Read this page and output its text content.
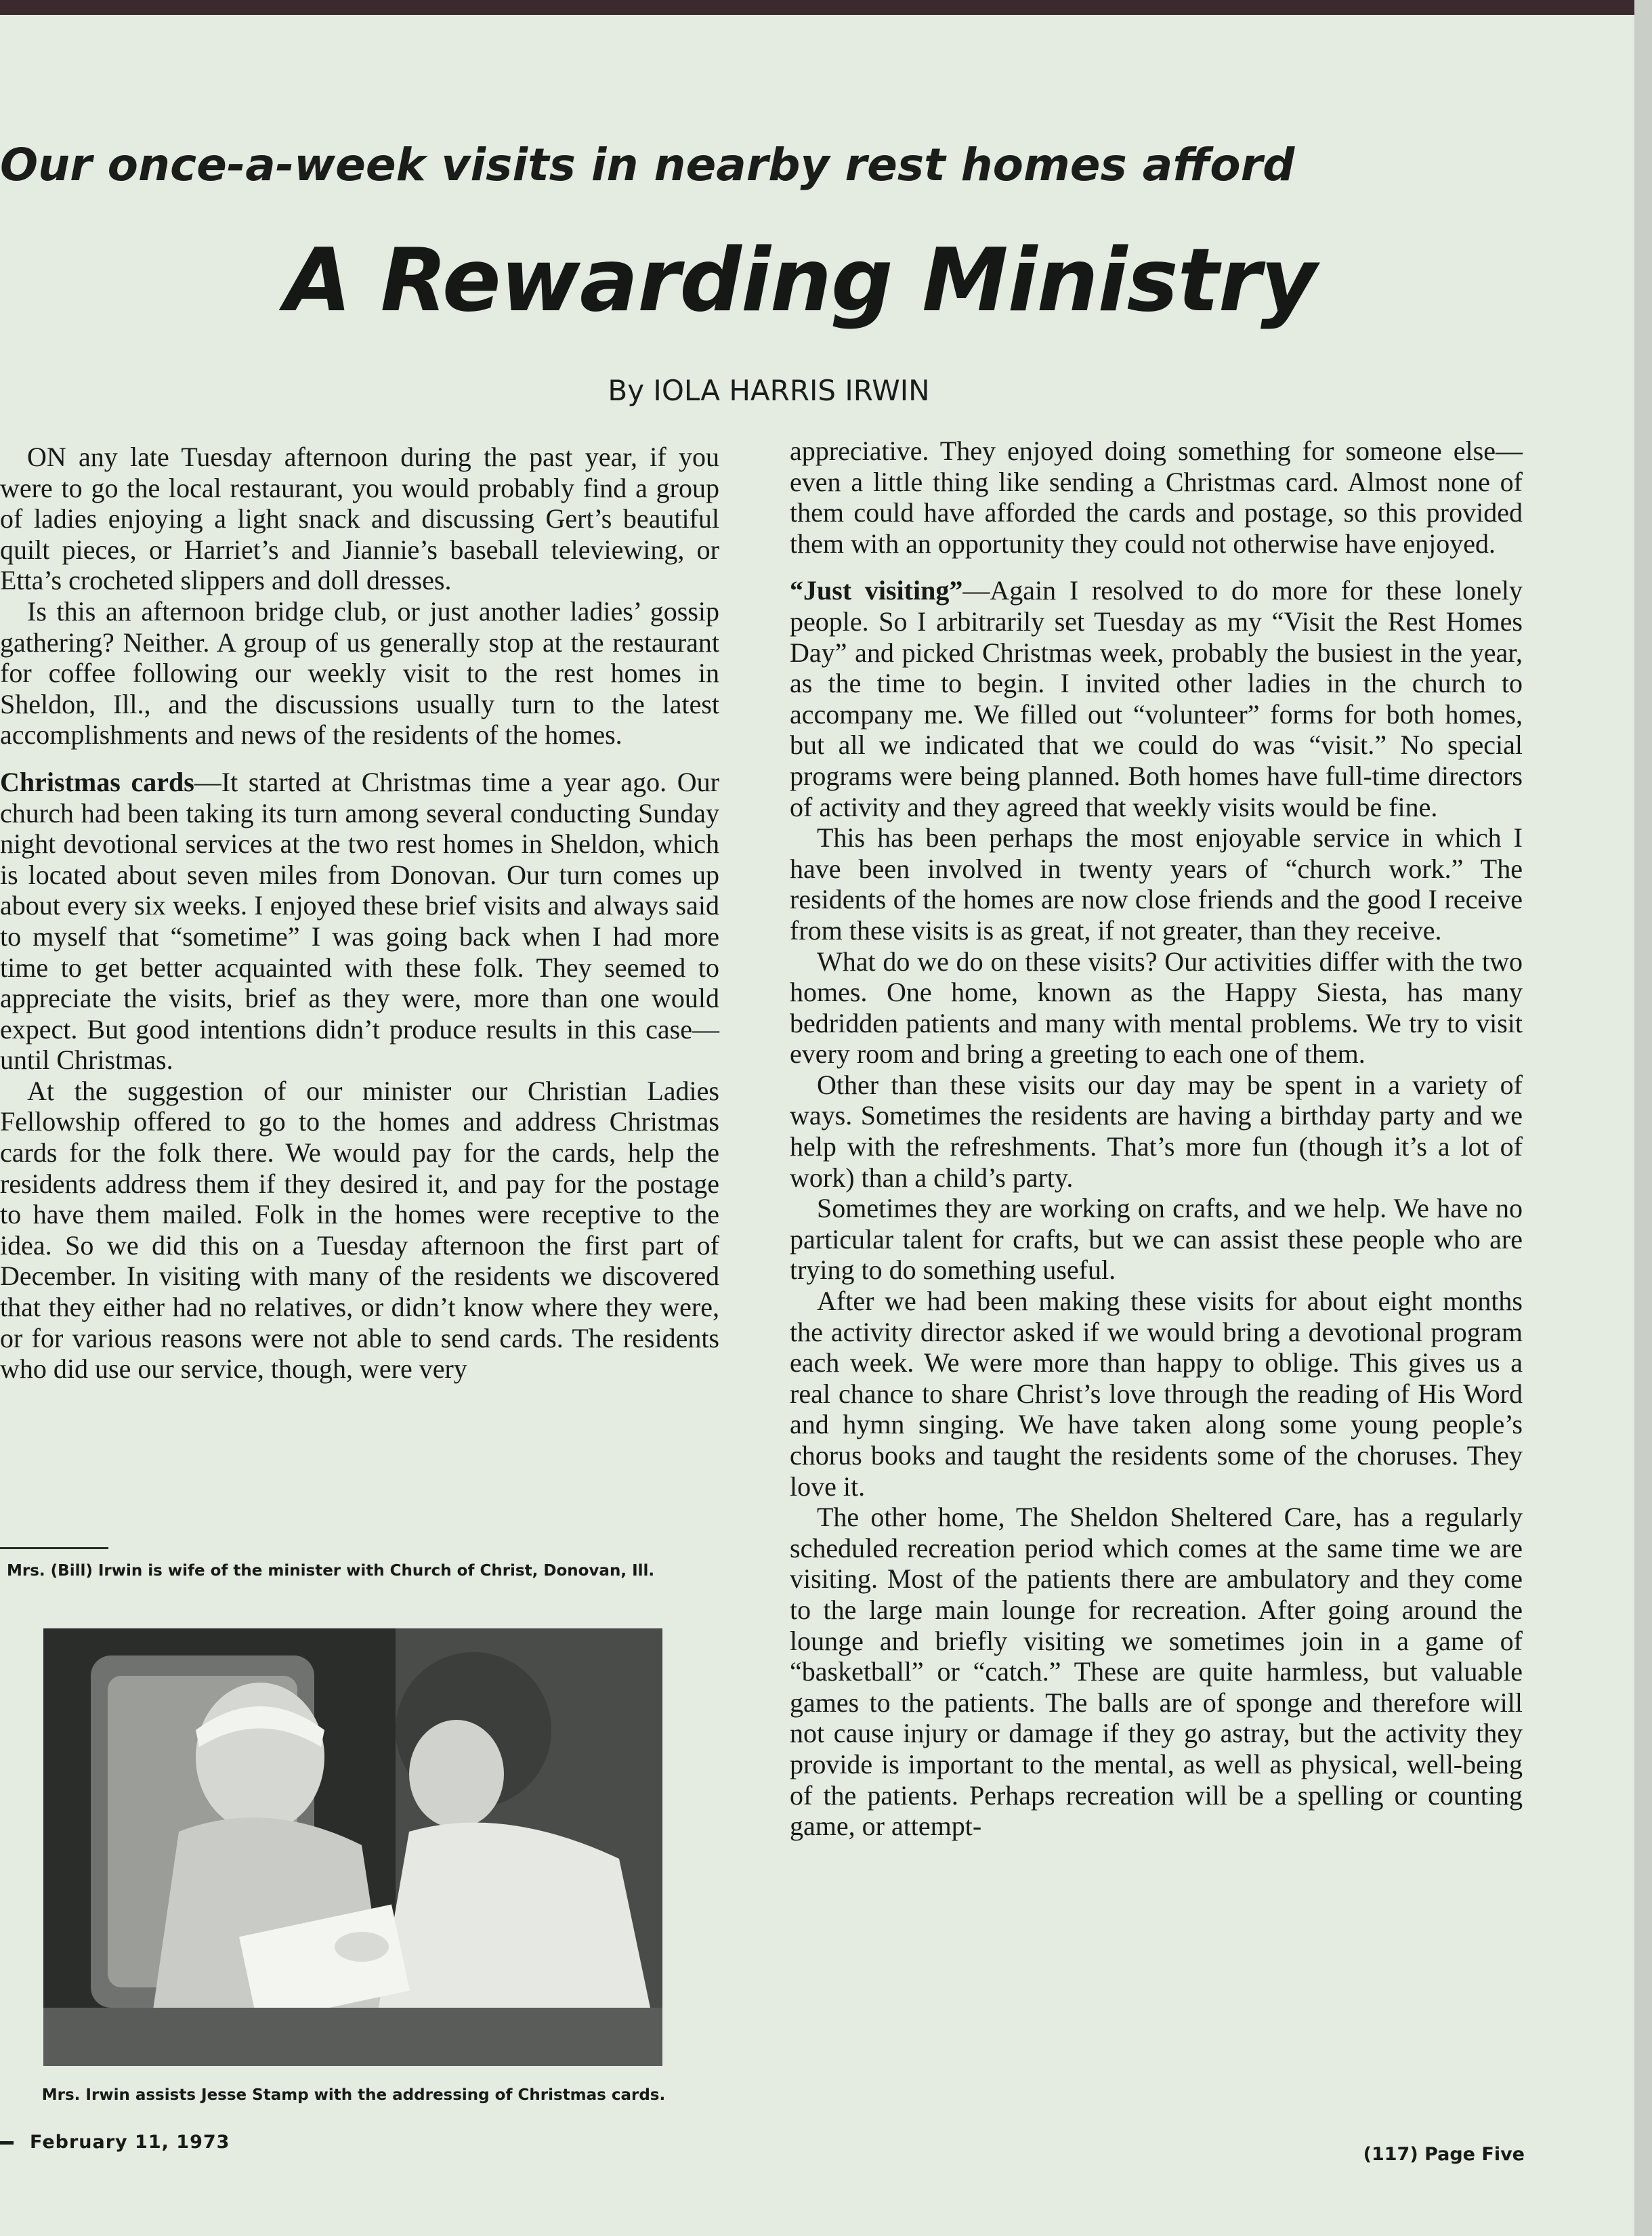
Our once-a-week visits in nearby rest homes afford
A Rewarding Ministry
By IOLA HARRIS IRWIN

ON any late Tuesday afternoon during the past year, if you were to go the local restaurant, you would probably find a group of ladies enjoying a light snack and discussing Gert’s beautiful quilt pieces, or Harriet’s and Jiannie’s baseball televiewing, or Etta’s crocheted slippers and doll dresses.

Is this an afternoon bridge club, or just another ladies’ gossip gathering? Neither. A group of us generally stop at the restaurant for coffee following our weekly visit to the rest homes in Sheldon, Ill., and the discussions usually turn to the latest accomplishments and news of the residents of the homes.

Christmas cards—It started at Christmas time a year ago. Our church had been taking its turn among several conducting Sunday night devotional services at the two rest homes in Sheldon, which is located about seven miles from Donovan. Our turn comes up about every six weeks. I enjoyed these brief visits and always said to myself that “sometime” I was going back when I had more time to get better acquainted with these folk. They seemed to appreciate the visits, brief as they were, more than one would expect. But good intentions didn’t produce results in this case—until Christmas.

At the suggestion of our minister our Christian Ladies Fellowship offered to go to the homes and address Christmas cards for the folk there. We would pay for the cards, help the residents address them if they desired it, and pay for the postage to have them mailed. Folk in the homes were receptive to the idea. So we did this on a Tuesday afternoon the first part of December. In visiting with many of the residents we discovered that they either had no relatives, or didn’t know where they were, or for various reasons were not able to send cards. The residents who did use our service, though, were very

Mrs. (Bill) Irwin is wife of the minister with Church of Christ, Donovan, Ill.
Mrs. Irwin assists Jesse Stamp with the addressing of Christmas cards.

appreciative. They enjoyed doing something for someone else—even a little thing like sending a Christmas card. Almost none of them could have afforded the cards and postage, so this provided them with an opportunity they could not otherwise have enjoyed.

“Just visiting”—Again I resolved to do more for these lonely people. So I arbitrarily set Tuesday as my “Visit the Rest Homes Day” and picked Christmas week, probably the busiest in the year, as the time to begin. I invited other ladies in the church to accompany me. We filled out “volunteer” forms for both homes, but all we indicated that we could do was “visit.” No special programs were being planned. Both homes have full-time directors of activity and they agreed that weekly visits would be fine.

This has been perhaps the most enjoyable service in which I have been involved in twenty years of “church work.” The residents of the homes are now close friends and the good I receive from these visits is as great, if not greater, than they receive.

What do we do on these visits? Our activities differ with the two homes. One home, known as the Happy Siesta, has many bedridden patients and many with mental problems. We try to visit every room and bring a greeting to each one of them.

Other than these visits our day may be spent in a variety of ways. Sometimes the residents are having a birthday party and we help with the refreshments. That’s more fun (though it’s a lot of work) than a child’s party.

Sometimes they are working on crafts, and we help. We have no particular talent for crafts, but we can assist these people who are trying to do something useful.

After we had been making these visits for about eight months the activity director asked if we would bring a devotional program each week. We were more than happy to oblige. This gives us a real chance to share Christ’s love through the reading of His Word and hymn singing. We have taken along some young people’s chorus books and taught the residents some of the choruses. They love it.

The other home, The Sheldon Sheltered Care, has a regularly scheduled recreation period which comes at the same time we are visiting. Most of the patients there are ambulatory and they come to the large main lounge for recreation. After going around the lounge and briefly visiting we sometimes join in a game of “basketball” or “catch.” These are quite harmless, but valuable games to the patients. The balls are of sponge and therefore will not cause injury or damage if they go astray, but the activity they provide is important to the mental, as well as physical, well-being of the patients. Perhaps recreation will be a spelling or counting game, or attempt-

February 11, 1973
(117) Page Five
